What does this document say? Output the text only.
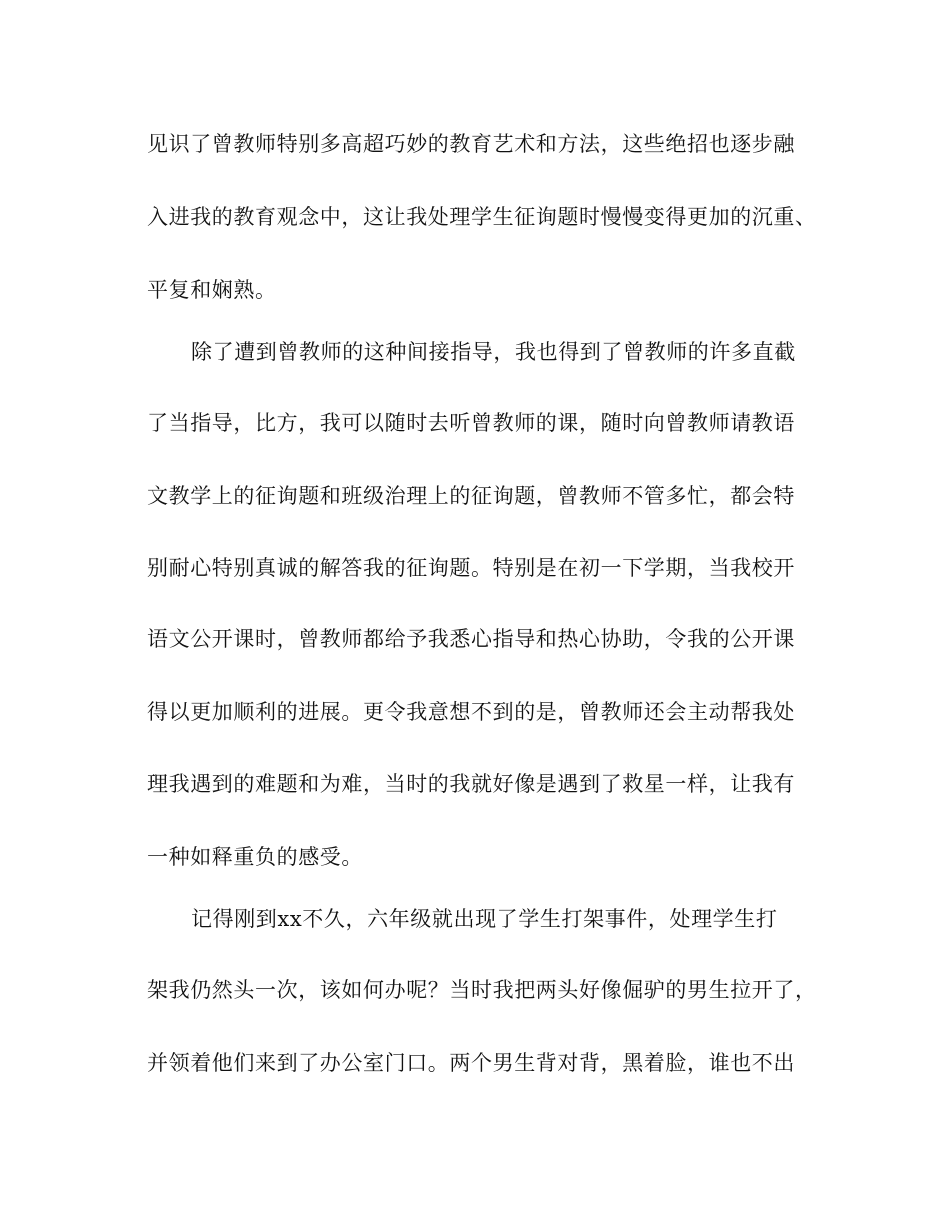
见识了曾教师特别多高超巧妙的教育艺术和方法，这些绝招也逐步融
入进我的教育观念中，这让我处理学生征询题时慢慢变得更加的沉重、
平复和娴熟。
除了遭到曾教师的这种间接指导，我也得到了曾教师的许多直截
了当指导，比方，我可以随时去听曾教师的课，随时向曾教师请教语
文教学上的征询题和班级治理上的征询题，曾教师不管多忙，都会特
别耐心特别真诚的解答我的征询题。特别是在初一下学期，当我校开
语文公开课时，曾教师都给予我悉心指导和热心协助，令我的公开课
得以更加顺利的进展。更令我意想不到的是，曾教师还会主动帮我处
理我遇到的难题和为难，当时的我就好像是遇到了救星一样，让我有
一种如释重负的感受。
记得刚到xx不久，六年级就出现了学生打架事件，处理学生打
架我仍然头一次，该如何办呢？当时我把两头好像倔驴的男生拉开了，
并领着他们来到了办公室门口。两个男生背对背，黑着脸，谁也不出
